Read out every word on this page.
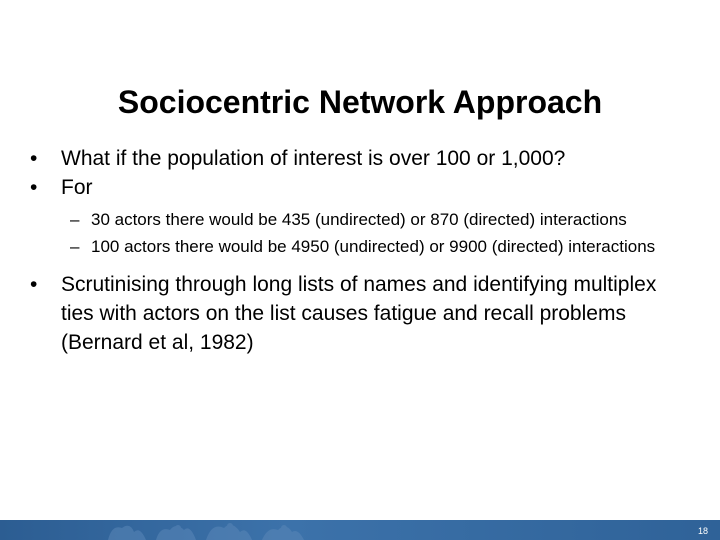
Sociocentric Network Approach

•	What if the population of interest is over 100 or 1,000?

•	For

– 30 actors there would be 435 (undirected) or 870 (directed) interactions

– 100 actors there would be 4950 (undirected) or 9900 (directed) interactions

•	Scrutinising through long lists of names and identifying multiplex ties with actors on the list causes fatigue and recall problems (Bernard et al, 1982)

18
